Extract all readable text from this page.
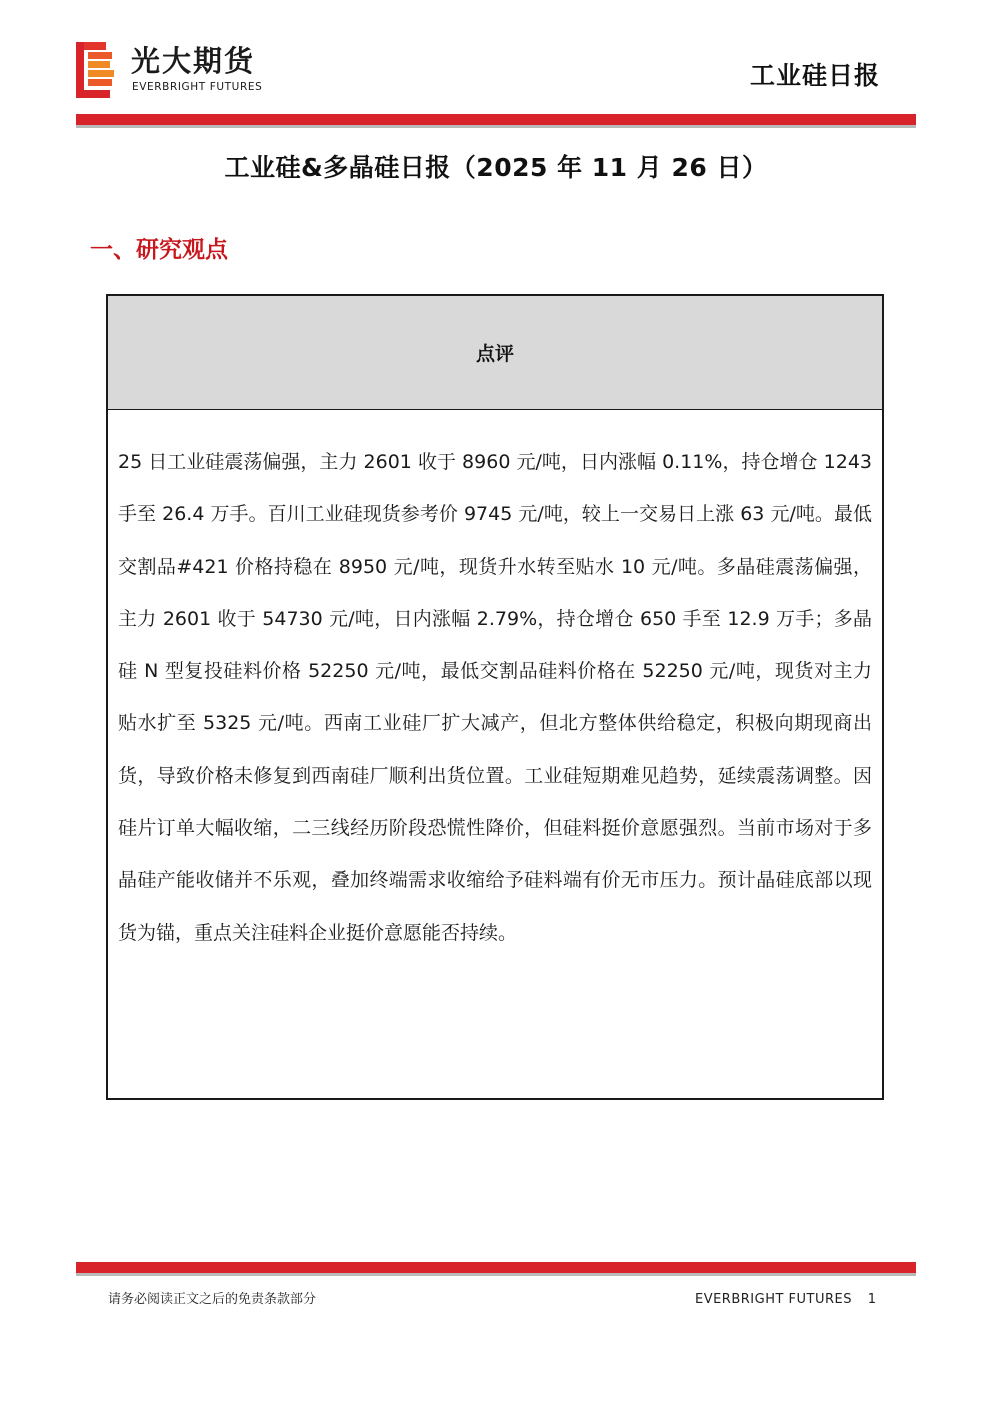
光大期货
EVERBRIGHT FUTURES	工业硅日报
工业硅&多晶硅日报（2025 年 11 月 26 日）
一、研究观点
点评
25 日工业硅震荡偏强，主力 2601 收于 8960 元/吨，日内涨幅 0.11%，持仓增仓 1243 手至 26.4 万手。百川工业硅现货参考价 9745 元/吨，较上一交易日上涨 63 元/吨。最低交割品#421 价格持稳在 8950 元/吨，现货升水转至贴水 10 元/吨。多晶硅震荡偏强，主力 2601 收于 54730 元/吨，日内涨幅 2.79%，持仓增仓 650 手至 12.9 万手；多晶硅 N 型复投硅料价格 52250 元/吨，最低交割品硅料价格在 52250 元/吨，现货对主力贴水扩至 5325 元/吨。西南工业硅厂扩大减产，但北方整体供给稳定，积极向期现商出货，导致价格未修复到西南硅厂顺利出货位置。工业硅短期难见趋势，延续震荡调整。因硅片订单大幅收缩，二三线经历阶段恐慌性降价，但硅料挺价意愿强烈。当前市场对于多晶硅产能收储并不乐观，叠加终端需求收缩给予硅料端有价无市压力。预计晶硅底部以现货为锚，重点关注硅料企业挺价意愿能否持续。
请务必阅读正文之后的免责条款部分	EVERBRIGHT FUTURES 1
